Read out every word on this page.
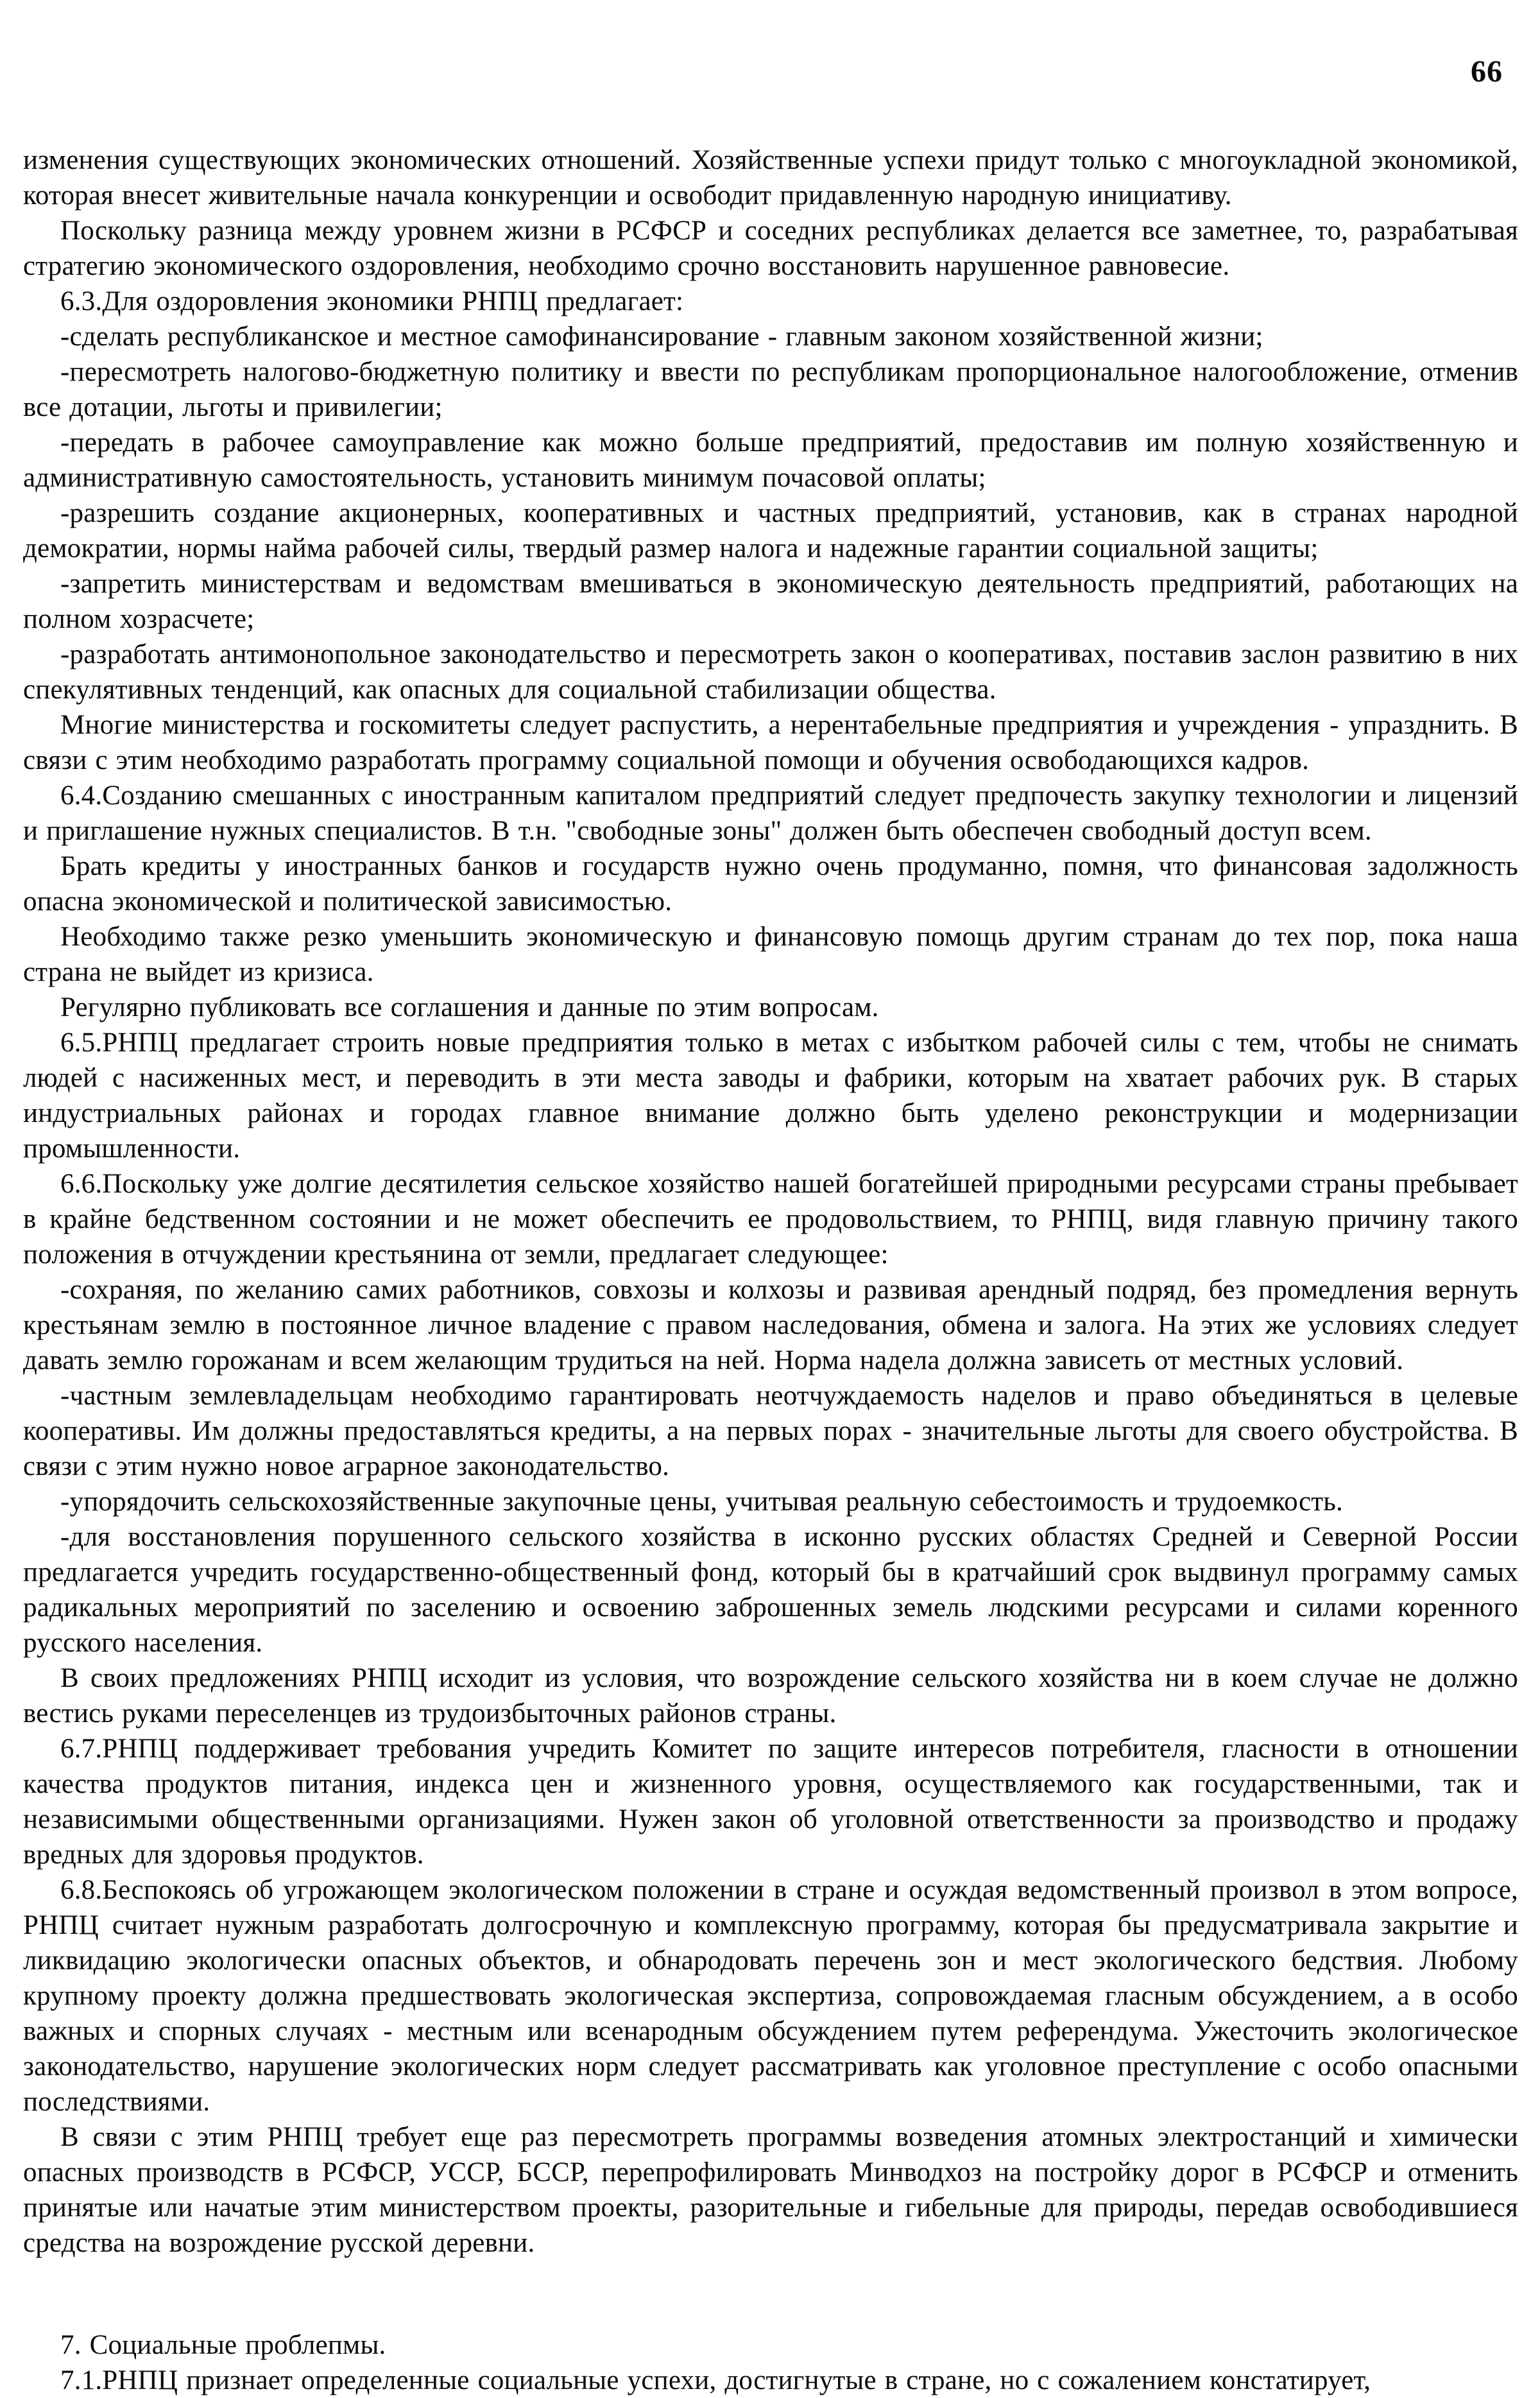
66

изменения существующих экономических отношений. Хозяйственные успехи придут только с многоукладной экономикой, которая внесет живительные начала конкуренции и освободит придавленную народную инициативу.

Поскольку разница между уровнем жизни в РСФСР и соседних республиках делается все заметнее, то, разрабатывая стратегию экономического оздоровления, необходимо срочно восстановить нарушенное равновесие.

6.3.Для оздоровления экономики РНПЦ предлагает:

-сделать республиканское и местное самофинансирование - главным законом хозяйственной жизни;

-пересмотреть налогово-бюджетную политику и ввести по республикам пропорциональное налогообложение, отменив все дотации, льготы и привилегии;

-передать в рабочее самоуправление как можно больше предприятий, предоставив им полную хозяйственную и административную самостоятельность, установить минимум почасовой оплаты;

-разрешить создание акционерных, кооперативных и частных предприятий, установив, как в странах народной демократии, нормы найма рабочей силы, твердый размер налога и надежные гарантии социальной защиты;

-запретить министерствам и ведомствам вмешиваться в экономическую деятельность предприятий, работающих на полном хозрасчете;

-разработать антимонопольное законодательство и пересмотреть закон о кооперативах, поставив заслон развитию в них спекулятивных тенденций, как опасных для социальной стабилизации общества.

Многие министерства и госкомитеты следует распустить, а нерентабельные предприятия и учреждения - упразднить. В связи с этим необходимо разработать программу социальной помощи и обучения освободающихся кадров.

6.4.Созданию смешанных с иностранным капиталом предприятий следует предпочесть закупку технологии и лицензий и приглашение нужных специалистов. В т.н. "свободные зоны" должен быть обеспечен свободный доступ всем.

Брать кредиты у иностранных банков и государств нужно очень продуманно, помня, что финансовая задолжность опасна экономической и политической зависимостью.

Необходимо также резко уменьшить экономическую и финансовую помощь другим странам до тех пор, пока наша страна не выйдет из кризиса.

Регулярно публиковать все соглашения и данные по этим вопросам.

6.5.РНПЦ предлагает строить новые предприятия только в метах с избытком рабочей силы с тем, чтобы не снимать людей с насиженных мест, и переводить в эти места заводы и фабрики, которым на хватает рабочих рук. В старых индустриальных районах и городах главное внимание должно быть уделено реконструкции и модернизации промышленности.

6.6.Поскольку уже долгие десятилетия сельское хозяйство нашей богатейшей природными ресурсами страны пребывает в крайне бедственном состоянии и не может обеспечить ее продовольствием, то РНПЦ, видя главную причину такого положения в отчуждении крестьянина от земли, предлагает следующее:

-сохраняя, по желанию самих работников, совхозы и колхозы и развивая арендный подряд, без промедления вернуть крестьянам землю в постоянное личное владение с правом наследования, обмена и залога. На этих же условиях следует давать землю горожанам и всем желающим трудиться на ней. Норма надела должна зависеть от местных условий.

-частным землевладельцам необходимо гарантировать неотчуждаемость наделов и право объединяться в целевые кооперативы. Им должны предоставляться кредиты, а на первых порах - значительные льготы для своего обустройства. В связи с этим нужно новое аграрное законодательство.

-упорядочить сельскохозяйственные закупочные цены, учитывая реальную себестоимость и трудоемкость.

-для восстановления порушенного сельского хозяйства в исконно русских областях Средней и Северной России предлагается учредить государственно-общественный фонд, который бы в кратчайший срок выдвинул программу самых радикальных мероприятий по заселению и освоению заброшенных земель людскими ресурсами и силами коренного русского населения.

В своих предложениях РНПЦ исходит из условия, что возрождение сельского хозяйства ни в коем случае не должно вестись руками переселенцев из трудоизбыточных районов страны.

6.7.РНПЦ поддерживает требования учредить Комитет по защите интересов потребителя, гласности в отношении качества продуктов питания, индекса цен и жизненного уровня, осуществляемого как государственными, так и независимыми общественными организациями. Нужен закон об уголовной ответственности за производство и продажу вредных для здоровья продуктов.

6.8.Беспокоясь об угрожающем экологическом положении в стране и осуждая ведомственный произвол в этом вопросе, РНПЦ считает нужным разработать долгосрочную и комплексную программу, которая бы предусматривала закрытие и ликвидацию экологически опасных объектов, и обнародовать перечень зон и мест экологического бедствия. Любому крупному проекту должна предшествовать экологическая экспертиза, сопровождаемая гласным обсуждением, а в особо важных и спорных случаях - местным или всенародным обсуждением путем референдума. Ужесточить экологическое законодательство, нарушение экологических норм следует рассматривать как уголовное преступление с особо опасными последствиями.

В связи с этим РНПЦ требует еще раз пересмотреть программы возведения атомных электростанций и химически опасных производств в РСФСР, УССР, БССР, перепрофилировать Минводхоз на постройку дорог в РСФСР и отменить принятые или начатые этим министерством проекты, разорительные и гибельные для природы, передав освободившиеся средства на возрождение русской деревни.

7. Социальные проблепмы.

7.1.РНПЦ признает определенные социальные успехи, достигнутые в стране, но с сожалением констатирует,
